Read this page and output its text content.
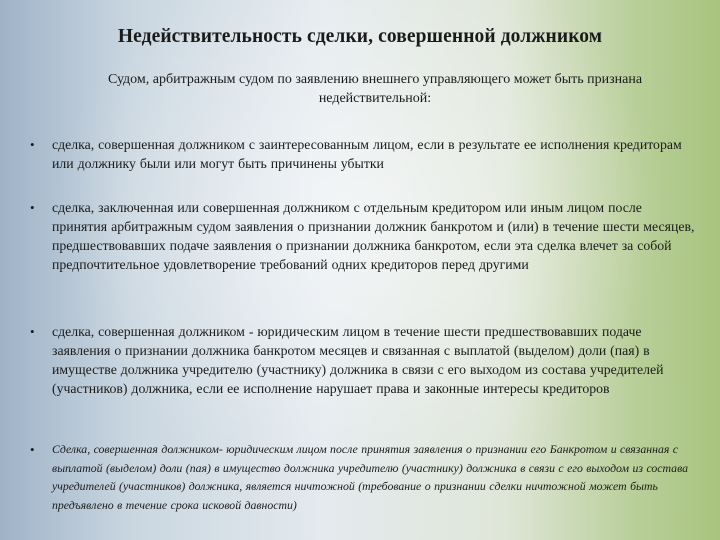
Недействительность сделки, совершенной должником
Судом, арбитражным судом по заявлению внешнего управляющего может быть признана недействительной:
• сделка, совершенная должником с заинтересованным лицом, если в результате ее исполнения кредиторам или должнику были или могут быть причинены убытки
• сделка, заключенная или совершенная должником с отдельным кредитором или иным лицом после принятия арбитражным судом заявления о признании должник банкротом и (или) в течение шести месяцев, предшествовавших подаче заявления о признании должника банкротом, если эта сделка влечет за собой предпочтительное удовлетворение требований одних кредиторов перед другими
• сделка, совершенная должником - юридическим лицом в течение шести предшествовавших подаче заявления о признании должника банкротом месяцев и связанная с выплатой (выделом) доли (пая) в имуществе должника учредителю (участнику) должника в связи с его выходом из состава учредителей (участников) должника, если ее исполнение нарушает права и законные интересы кредиторов
• Сделка, совершенная должником- юридическим лицом после принятия заявления о признании его Банкротом и связанная с выплатой (выделом) доли (пая) в имущество должника учредителю (участнику) должника в связи с его выходом из состава учредителей (участников) должника, является ничтожной (требование о признании сделки ничтожной может быть предъявлено в течение срока исковой давности)
